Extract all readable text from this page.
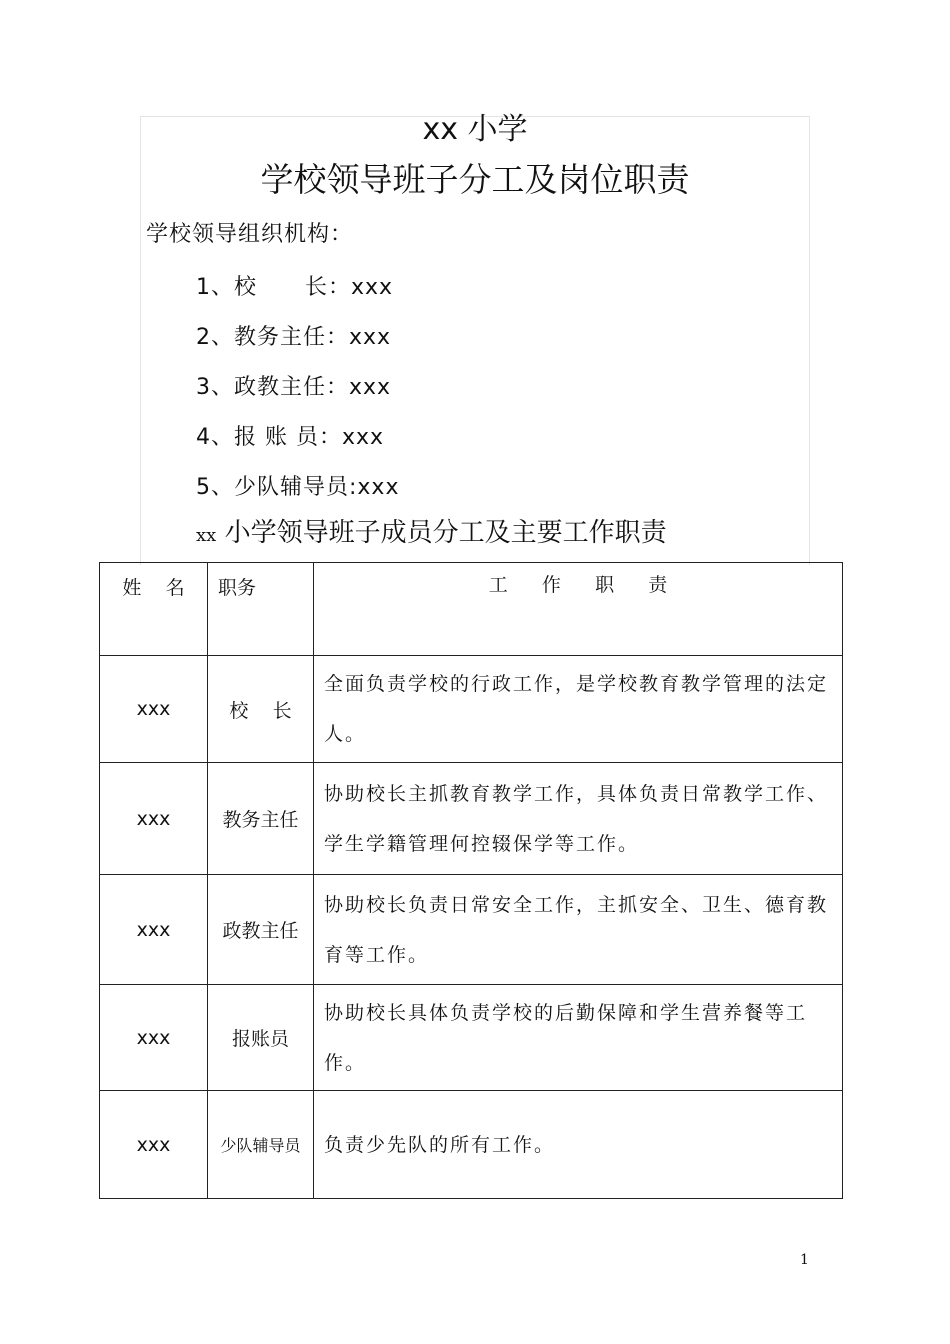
xx 小学
学校领导班子分工及岗位职责
学校领导组织机构：
1、校      长：xxx
2、教务主任：xxx
3、政教主任：xxx
4、报 账 员：xxx
5、少队辅导员:xxx
xx 小学领导班子成员分工及主要工作职责
姓    名	职务	工    作    职    责
xxx	校    长	全面负责学校的行政工作，是学校教育教学管理的法定人。

xxx	教务主任	协助校长主抓教育教学工作，具体负责日常教学工作、学生学籍管理何控辍保学等工作。

xxx	政教主任	协助校长负责日常安全工作，主抓安全、卫生、德育教育等工作。

xxx	报账员	协助校长具体负责学校的后勤保障和学生营养餐等工作。

xxx	少队辅导员	负责少先队的所有工作。
1
